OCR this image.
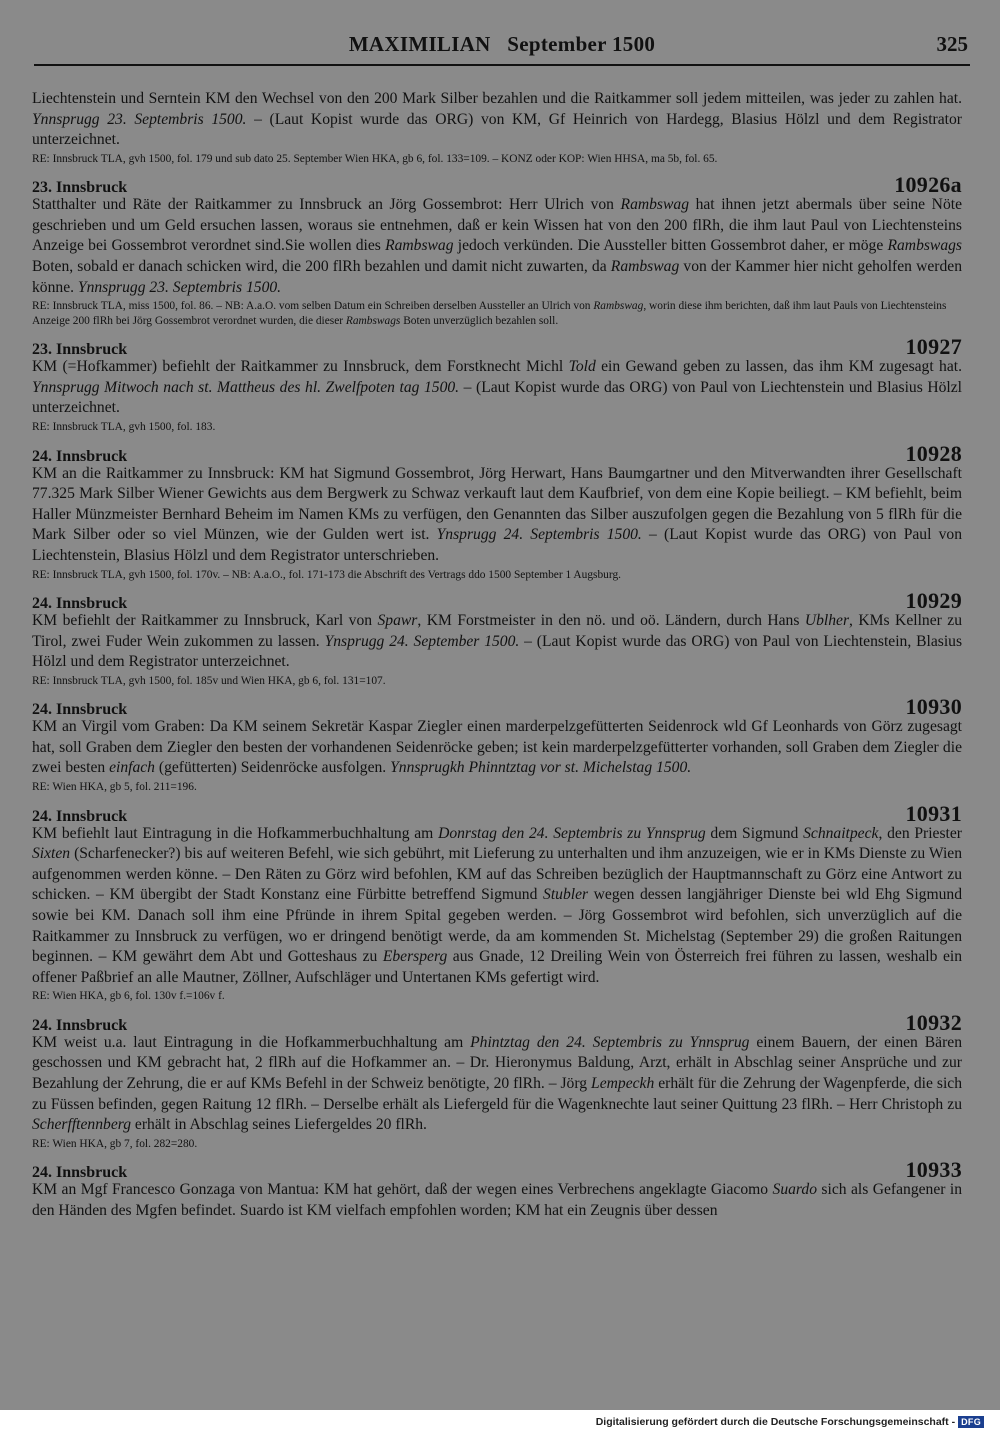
MAXIMILIAN   September 1500	325

Liechtenstein und Serntein KM den Wechsel von den 200 Mark Silber bezahlen und die Raitkammer soll jedem mitteilen, was jeder zu zahlen hat. Ynnsprugg 23. Septembris 1500. – (Laut Kopist wurde das ORG) von KM, Gf Heinrich von Hardegg, Blasius Hölzl und dem Registrator unterzeichnet.

RE: Innsbruck TLA, gvh 1500, fol. 179 und sub dato 25. September Wien HKA, gb 6, fol. 133=109. – KONZ oder KOP: Wien HHSA, ma 5b, fol. 65.

23. Innsbruck	10926a

Statthalter und Räte der Raitkammer zu Innsbruck an Jörg Gossembrot: Herr Ulrich von Rambswag hat ihnen jetzt abermals über seine Nöte geschrieben und um Geld ersuchen lassen, woraus sie entnehmen, daß er kein Wissen hat von den 200 flRh, die ihm laut Paul von Liechtensteins Anzeige bei Gossembrot verordnet sind.Sie wollen dies Rambswag jedoch verkünden. Die Aussteller bitten Gossembrot daher, er möge Rambswags Boten, sobald er danach schicken wird, die 200 flRh bezahlen und damit nicht zuwarten, da Rambswag von der Kammer hier nicht geholfen werden könne. Ynnsprugg 23. Septembris 1500.

RE: Innsbruck TLA, miss 1500, fol. 86. – NB: A.a.O. vom selben Datum ein Schreiben derselben Aussteller an Ulrich von Rambswag, worin diese ihm berichten, daß ihm laut Pauls von Liechtensteins Anzeige 200 flRh bei Jörg Gossembrot verordnet wurden, die dieser Rambswags Boten unverzüglich bezahlen soll.

23. Innsbruck	10927

KM (=Hofkammer) befiehlt der Raitkammer zu Innsbruck, dem Forstknecht Michl Told ein Gewand geben zu lassen, das ihm KM zugesagt hat. Ynnsprugg Mitwoch nach st. Mattheus des hl. Zwelfpoten tag 1500. – (Laut Kopist wurde das ORG) von Paul von Liechtenstein und Blasius Hölzl unterzeichnet.

RE: Innsbruck TLA, gvh 1500, fol. 183.

24. Innsbruck	10928

KM an die Raitkammer zu Innsbruck: KM hat Sigmund Gossembrot, Jörg Herwart, Hans Baumgartner und den Mitverwandten ihrer Gesellschaft 77.325 Mark Silber Wiener Gewichts aus dem Bergwerk zu Schwaz verkauft laut dem Kaufbrief, von dem eine Kopie beiliegt. – KM befiehlt, beim Haller Münzmeister Bernhard Beheim im Namen KMs zu verfügen, den Genannten das Silber auszufolgen gegen die Bezahlung von 5 flRh für die Mark Silber oder so viel Münzen, wie der Gulden wert ist. Ynsprugg 24. Septembris 1500. – (Laut Kopist wurde das ORG) von Paul von Liechtenstein, Blasius Hölzl und dem Registrator unterschrieben.

RE: Innsbruck TLA, gvh 1500, fol. 170v. – NB: A.a.O., fol. 171-173 die Abschrift des Vertrags ddo 1500 September 1 Augsburg.

24. Innsbruck	10929

KM befiehlt der Raitkammer zu Innsbruck, Karl von Spawr, KM Forstmeister in den nö. und oö. Ländern, durch Hans Ublher, KMs Kellner zu Tirol, zwei Fuder Wein zukommen zu lassen. Ynsprugg 24. September 1500. – (Laut Kopist wurde das ORG) von Paul von Liechtenstein, Blasius Hölzl und dem Registrator unterzeichnet.

RE: Innsbruck TLA, gvh 1500, fol. 185v und Wien HKA, gb 6, fol. 131=107.

24. Innsbruck	10930

KM an Virgil vom Graben: Da KM seinem Sekretär Kaspar Ziegler einen marderpelzgefütterten Seidenrock wld Gf Leonhards von Görz zugesagt hat, soll Graben dem Ziegler den besten der vorhandenen Seidenröcke geben; ist kein marderpelzgefütterter vorhanden, soll Graben dem Ziegler die zwei besten einfach (gefütterten) Seidenröcke ausfolgen. Ynnsprugkh Phinntztag vor st. Michelstag 1500.

RE: Wien HKA, gb 5, fol. 211=196.

24. Innsbruck	10931

KM befiehlt laut Eintragung in die Hofkammerbuchhaltung am Donrstag den 24. Septembris zu Ynnsprug dem Sigmund Schnaitpeck, den Priester Sixten (Scharfenecker?) bis auf weiteren Befehl, wie sich gebührt, mit Lieferung zu unterhalten und ihm anzuzeigen, wie er in KMs Dienste zu Wien aufgenommen werden könne. – Den Räten zu Görz wird befohlen, KM auf das Schreiben bezüglich der Hauptmannschaft zu Görz eine Antwort zu schicken. – KM übergibt der Stadt Konstanz eine Fürbitte betreffend Sigmund Stubler wegen dessen langjähriger Dienste bei wld Ehg Sigmund sowie bei KM. Danach soll ihm eine Pfründe in ihrem Spital gegeben werden. – Jörg Gossembrot wird befohlen, sich unverzüglich auf die Raitkammer zu Innsbruck zu verfügen, wo er dringend benötigt werde, da am kommenden St. Michelstag (September 29) die großen Raitungen beginnen. – KM gewährt dem Abt und Gotteshaus zu Ebersperg aus Gnade, 12 Dreiling Wein von Österreich frei führen zu lassen, weshalb ein offener Paßbrief an alle Mautner, Zöllner, Aufschläger und Untertanen KMs gefertigt wird.

RE: Wien HKA, gb 6, fol. 130v f.=106v f.

24. Innsbruck	10932

KM weist u.a. laut Eintragung in die Hofkammerbuchhaltung am Phintztag den 24. Septembris zu Ynnsprug einem Bauern, der einen Bären geschossen und KM gebracht hat, 2 flRh auf die Hofkammer an. – Dr. Hieronymus Baldung, Arzt, erhält in Abschlag seiner Ansprüche und zur Bezahlung der Zehrung, die er auf KMs Befehl in der Schweiz benötigte, 20 flRh. – Jörg Lempeckh erhält für die Zehrung der Wagenpferde, die sich zu Füssen befinden, gegen Raitung 12 flRh. – Derselbe erhält als Liefergeld für die Wagenknechte laut seiner Quittung 23 flRh. – Herr Christoph zu Scherfftennberg erhält in Abschlag seines Liefergeldes 20 flRh.

RE: Wien HKA, gb 7, fol. 282=280.

24. Innsbruck	10933

KM an Mgf Francesco Gonzaga von Mantua: KM hat gehört, daß der wegen eines Verbrechens angeklagte Giacomo Suardo sich als Gefangener in den Händen des Mgfen befindet. Suardo ist KM vielfach empfohlen worden; KM hat ein Zeugnis über dessen

Digitalisierung gefördert durch die Deutsche Forschungsgemeinschaft - DFG
